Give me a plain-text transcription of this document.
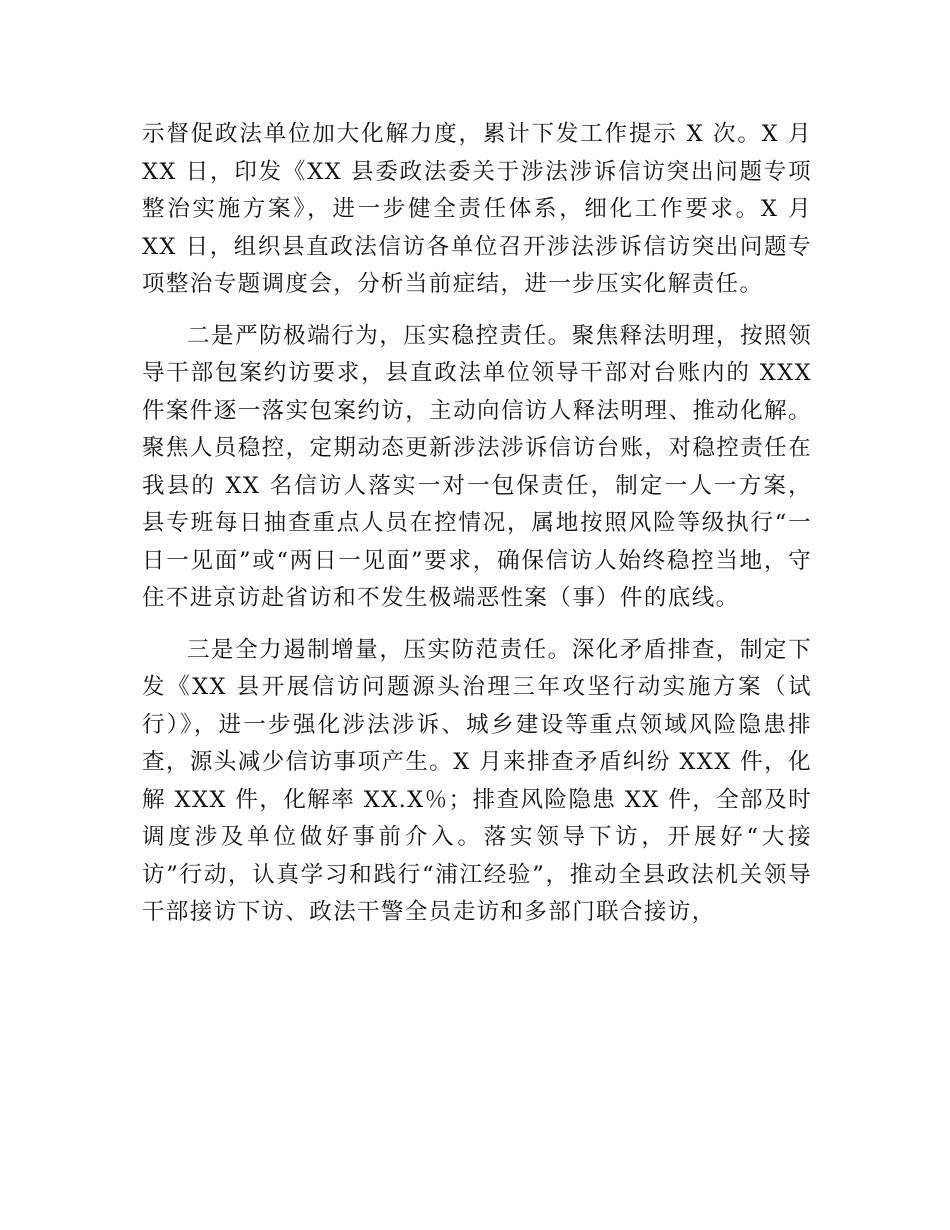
示督促政法单位加大化解力度，累计下发工作提示 X 次。X 月 XX 日，印发《XX 县委政法委关于涉法涉诉信访突出问题专项整治实施方案》，进一步健全责任体系，细化工作要求。X 月 XX 日，组织县直政法信访各单位召开涉法涉诉信访突出问题专项整治专题调度会，分析当前症结，进一步压实化解责任。

二是严防极端行为，压实稳控责任。聚焦释法明理，按照领导干部包案约访要求，县直政法单位领导干部对台账内的 XXX 件案件逐一落实包案约访，主动向信访人释法明理、推动化解。聚焦人员稳控，定期动态更新涉法涉诉信访台账，对稳控责任在我县的 XX 名信访人落实一对一包保责任，制定一人一方案，县专班每日抽查重点人员在控情况，属地按照风险等级执行“一日一见面”或“两日一见面”要求，确保信访人始终稳控当地，守住不进京访赴省访和不发生极端恶性案（事）件的底线。

三是全力遏制增量，压实防范责任。深化矛盾排查，制定下发《XX 县开展信访问题源头治理三年攻坚行动实施方案（试行）》，进一步强化涉法涉诉、城乡建设等重点领域风险隐患排查，源头减少信访事项产生。X 月来排查矛盾纠纷 XXX 件，化解 XXX 件，化解率 XX.X％；排查风险隐患 XX 件，全部及时调度涉及单位做好事前介入。落实领导下访，开展好“大接访”行动，认真学习和践行“浦江经验”，推动全县政法机关领导干部接访下访、政法干警全员走访和多部门联合接访，
